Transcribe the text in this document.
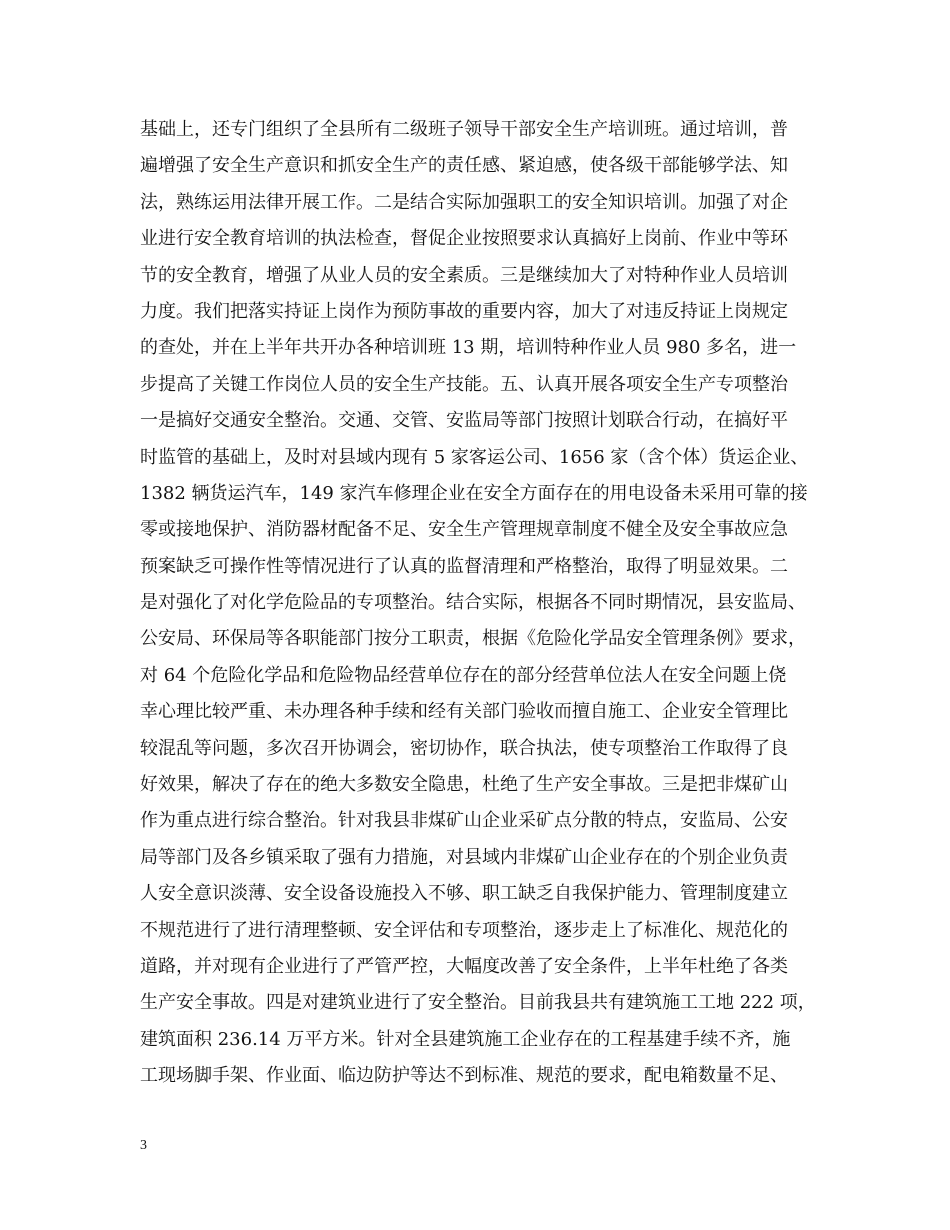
基础上，还专门组织了全县所有二级班子领导干部安全生产培训班。通过培训，普
遍增强了安全生产意识和抓安全生产的责任感、紧迫感，使各级干部能够学法、知
法，熟练运用法律开展工作。二是结合实际加强职工的安全知识培训。加强了对企
业进行安全教育培训的执法检查，督促企业按照要求认真搞好上岗前、作业中等环
节的安全教育，增强了从业人员的安全素质。三是继续加大了对特种作业人员培训
力度。我们把落实持证上岗作为预防事故的重要内容，加大了对违反持证上岗规定
的查处，并在上半年共开办各种培训班 13 期，培训特种作业人员 980 多名，进一
步提高了关键工作岗位人员的安全生产技能。五、认真开展各项安全生产专项整治
一是搞好交通安全整治。交通、交管、安监局等部门按照计划联合行动，在搞好平
时监管的基础上，及时对县域内现有 5 家客运公司、1656 家（含个体）货运企业、
1382 辆货运汽车，149 家汽车修理企业在安全方面存在的用电设备未采用可靠的接
零或接地保护、消防器材配备不足、安全生产管理规章制度不健全及安全事故应急
预案缺乏可操作性等情况进行了认真的监督清理和严格整治，取得了明显效果。二
是对强化了对化学危险品的专项整治。结合实际，根据各不同时期情况，县安监局、
公安局、环保局等各职能部门按分工职责，根据《危险化学品安全管理条例》要求，
对 64 个危险化学品和危险物品经营单位存在的部分经营单位法人在安全问题上侥
幸心理比较严重、未办理各种手续和经有关部门验收而擅自施工、企业安全管理比
较混乱等问题，多次召开协调会，密切协作，联合执法，使专项整治工作取得了良
好效果，解决了存在的绝大多数安全隐患，杜绝了生产安全事故。三是把非煤矿山
作为重点进行综合整治。针对我县非煤矿山企业采矿点分散的特点，安监局、公安
局等部门及各乡镇采取了强有力措施，对县域内非煤矿山企业存在的个别企业负责
人安全意识淡薄、安全设备设施投入不够、职工缺乏自我保护能力、管理制度建立
不规范进行了进行清理整顿、安全评估和专项整治，逐步走上了标准化、规范化的
道路，并对现有企业进行了严管严控，大幅度改善了安全条件，上半年杜绝了各类
生产安全事故。四是对建筑业进行了安全整治。目前我县共有建筑施工工地 222 项，
建筑面积 236.14 万平方米。针对全县建筑施工企业存在的工程基建手续不齐，施
工现场脚手架、作业面、临边防护等达不到标准、规范的要求，配电箱数量不足、
3
